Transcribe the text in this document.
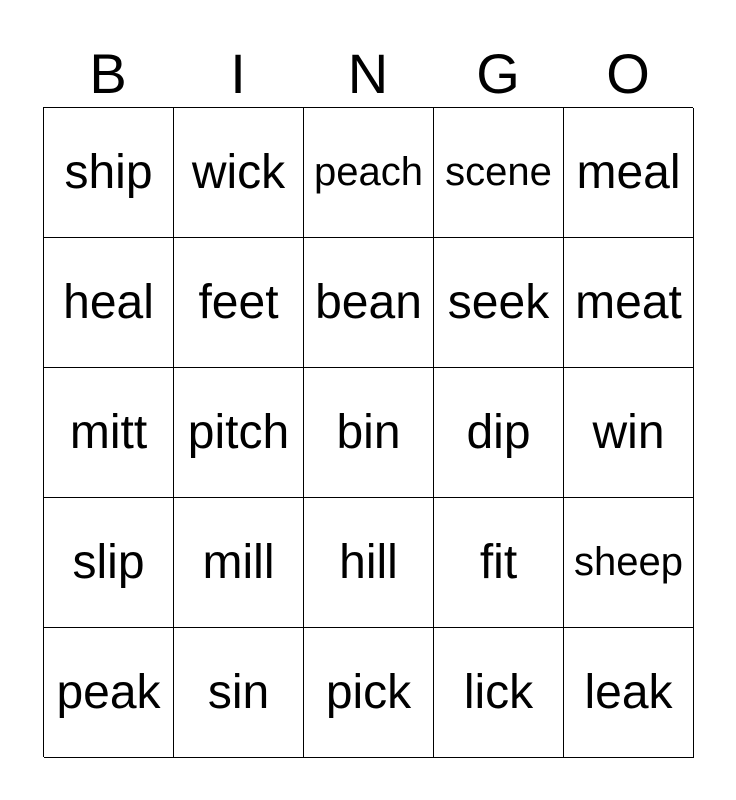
B	I	N	G	O
ship wick peach scene meal
heal feet bean seek meat
mitt pitch bin	dip	win
slip	mill	hill	fit	sheep
peak sin	pick	lick	leak
